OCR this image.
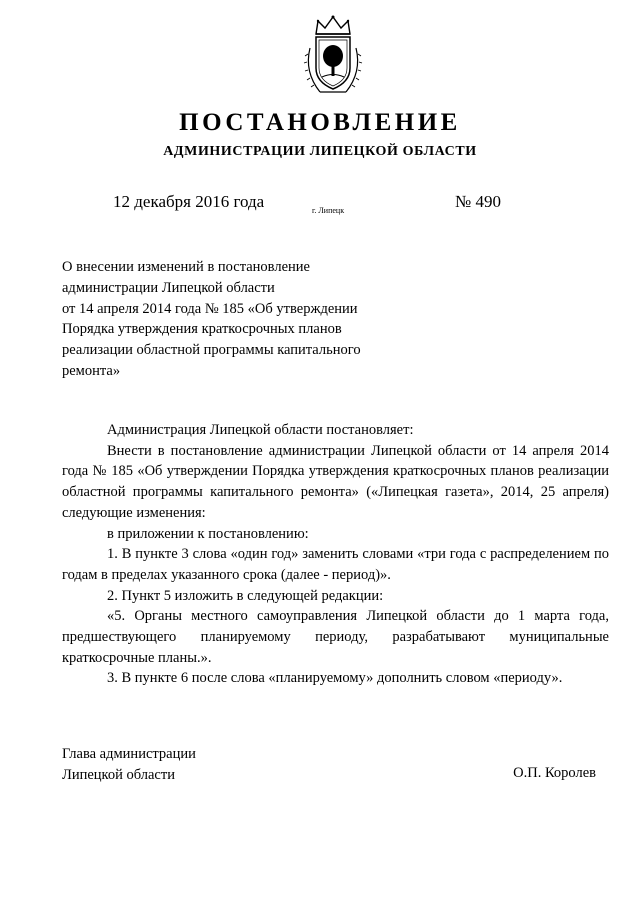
ПОСТАНОВЛЕНИЕ
АДМИНИСТРАЦИИ ЛИПЕЦКОЙ ОБЛАСТИ
12 декабря 2016 года	г. Липецк	№ 490
О внесении изменений в постановление
администрации Липецкой области
от 14 апреля 2014 года № 185 «Об утверждении
Порядка утверждения краткосрочных планов
реализации областной программы капитального
ремонта»
Администрация Липецкой области постановляет:
Внести в постановление администрации Липецкой области от 14 апреля 2014 года № 185 «Об утверждении Порядка утверждения краткосрочных планов реализации областной программы капитального ремонта» («Липецкая газета», 2014, 25 апреля) следующие изменения:
в приложении к постановлению:
1. В пункте 3 слова «один год» заменить словами «три года с распределением по годам в пределах указанного срока (далее - период)».
2. Пункт 5 изложить в следующей редакции:
«5. Органы местного самоуправления Липецкой области до 1 марта года, предшествующего планируемому периоду, разрабатывают муниципальные краткосрочные планы.».
3. В пункте 6 после слова «планируемому» дополнить словом «периоду».
Глава администрации
Липецкой области	О.П. Королев
